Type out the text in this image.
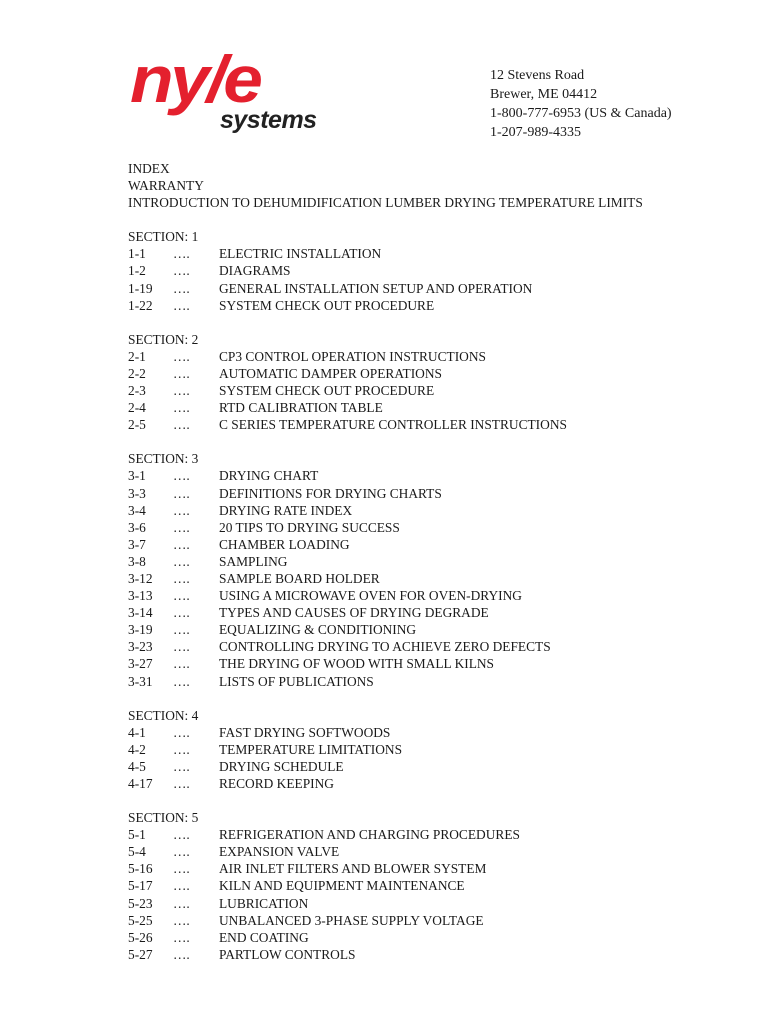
ny/e
systems
12 Stevens Road
Brewer, ME 04412
1-800-777-6953 (US & Canada)
1-207-989-4335
INDEX
WARRANTY
INTRODUCTION TO DEHUMIDIFICATION LUMBER DRYING TEMPERATURE LIMITS
SECTION: 1
1-1	….	ELECTRIC INSTALLATION
1-2	….	DIAGRAMS
1-19	….	GENERAL INSTALLATION SETUP AND OPERATION
1-22	….	SYSTEM CHECK OUT PROCEDURE
SECTION: 2
2-1	….	CP3 CONTROL OPERATION INSTRUCTIONS
2-2	….	AUTOMATIC DAMPER OPERATIONS
2-3	….	SYSTEM CHECK OUT PROCEDURE
2-4	….	RTD CALIBRATION TABLE
2-5	….	C SERIES TEMPERATURE CONTROLLER INSTRUCTIONS
SECTION: 3
3-1	….	DRYING CHART
3-3	….	DEFINITIONS FOR DRYING CHARTS
3-4	….	DRYING RATE INDEX
3-6	….	20 TIPS TO DRYING SUCCESS
3-7	….	CHAMBER LOADING
3-8	….	SAMPLING
3-12	….	SAMPLE BOARD HOLDER
3-13	….	USING A MICROWAVE OVEN FOR OVEN-DRYING
3-14	….	TYPES AND CAUSES OF DRYING DEGRADE
3-19	….	EQUALIZING & CONDITIONING
3-23	….	CONTROLLING DRYING TO ACHIEVE ZERO DEFECTS
3-27	….	THE DRYING OF WOOD WITH SMALL KILNS
3-31	….	LISTS OF PUBLICATIONS
SECTION: 4
4-1	….	FAST DRYING SOFTWOODS
4-2	….	TEMPERATURE LIMITATIONS
4-5	….	DRYING SCHEDULE
4-17	….	RECORD KEEPING
SECTION: 5
5-1	….	REFRIGERATION AND CHARGING PROCEDURES
5-4	….	EXPANSION VALVE
5-16	….	AIR INLET FILTERS AND BLOWER SYSTEM
5-17	….	KILN AND EQUIPMENT MAINTENANCE
5-23	….	LUBRICATION
5-25	….	UNBALANCED 3-PHASE SUPPLY VOLTAGE
5-26	….	END COATING
5-27	….	PARTLOW CONTROLS
